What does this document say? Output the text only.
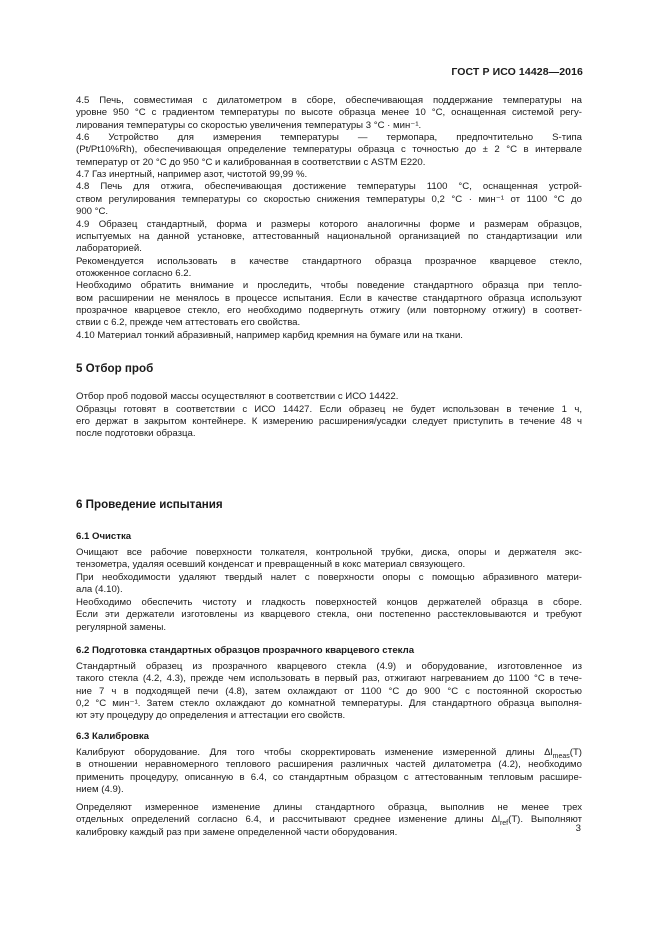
ГОСТ Р ИСО 14428—2016
4.5 Печь, совместимая с дилатометром в сборе, обеспечивающая поддержание температуры на
уровне 950 °С с градиентом температуры по высоте образца менее 10 °С, оснащенная системой регу-
лирования температуры со скоростью увеличения температуры 3 °С · мин⁻¹.
4.6 Устройство для измерения температуры — термопара, предпочтительно S-типа
(Pt/Pt10%Rh), обеспечивающая определение температуры образца с точностью до ± 2 °С в интервале
температур от 20 °С до 950 °С и калиброванная в соответствии с ASTM Е220.
4.7 Газ инертный, например азот, чистотой 99,99 %.
4.8 Печь для отжига, обеспечивающая достижение температуры 1100 °С, оснащенная устрой-
ством регулирования температуры со скоростью снижения температуры 0,2 °С · мин⁻¹ от 1100 °С до
900 °С.
4.9 Образец стандартный, форма и размеры которого аналогичны форме и размерам образцов,
испытуемых на данной установке, аттестованный национальной организацией по стандартизации или
лабораторией.
Рекомендуется использовать в качестве стандартного образца прозрачное кварцевое стекло,
отожженное согласно 6.2.
Необходимо обратить внимание и проследить, чтобы поведение стандартного образца при тепло-
вом расширении не менялось в процессе испытания. Если в качестве стандартного образца используют
прозрачное кварцевое стекло, его необходимо подвергнуть отжигу (или повторному отжигу) в соответ-
ствии с 6.2, прежде чем аттестовать его свойства.
4.10 Материал тонкий абразивный, например карбид кремния на бумаге или на ткани.
5 Отбор проб
Отбор проб подовой массы осуществляют в соответствии с ИСО 14422.
Образцы готовят в соответствии с ИСО 14427. Если образец не будет использован в течение 1 ч,
его держат в закрытом контейнере. К измерению расширения/усадки следует приступить в течение 48 ч
после подготовки образца.
6 Проведение испытания
6.1 Очистка
Очищают все рабочие поверхности толкателя, контрольной трубки, диска, опоры и держателя экс-
тензометра, удаляя осевший конденсат и превращенный в кокс материал связующего.
При необходимости удаляют твердый налет с поверхности опоры с помощью абразивного матери-
ала (4.10).
Необходимо обеспечить чистоту и гладкость поверхностей концов держателей образца в сборе.
Если эти держатели изготовлены из кварцевого стекла, они постепенно расстекловываются и требуют
регулярной замены.
6.2 Подготовка стандартных образцов прозрачного кварцевого стекла
Стандартный образец из прозрачного кварцевого стекла (4.9) и оборудование, изготовленное из
такого стекла (4.2, 4.3), прежде чем использовать в первый раз, отжигают нагреванием до 1100 °С в тече-
ние 7 ч в подходящей печи (4.8), затем охлаждают от 1100 °С до 900 °С с постоянной скоростью
0,2 °С мин⁻¹. Затем стекло охлаждают до комнатной температуры. Для стандартного образца выполня-
ют эту процедуру до определения и аттестации его свойств.
6.3 Калибровка
Калибруют оборудование. Для того чтобы скорректировать изменение измеренной длины $\Delta l_{meas}(T)$
в отношении неравномерного теплового расширения различных частей дилатометра (4.2), необходимо
применить процедуру, описанную в 6.4, со стандартным образцом с аттестованным тепловым расшире-
нием (4.9).
Определяют измеренное изменение длины стандартного образца, выполнив не менее трех
отдельных определений согласно 6.4, и рассчитывают среднее изменение длины $\Delta l_{ref}(T)$. Выполняют
калибровку каждый раз при замене определенной части оборудования.	3
